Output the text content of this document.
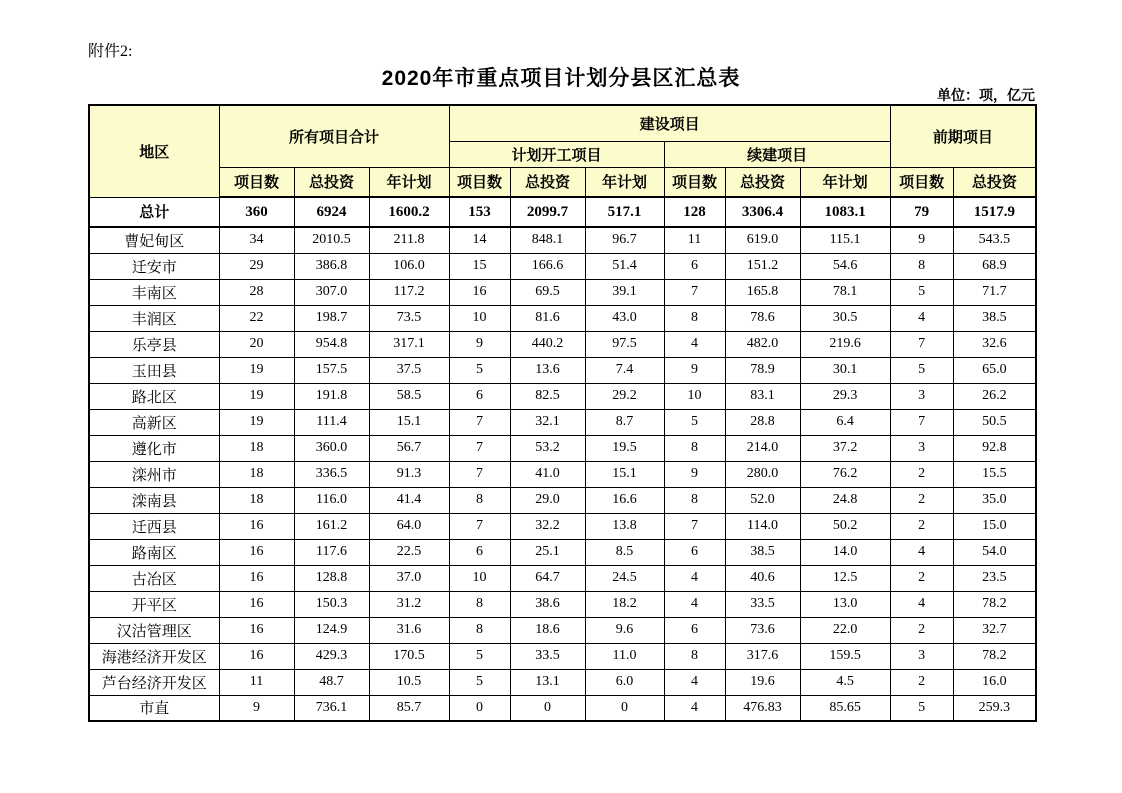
附件2:
2020年市重点项目计划分县区汇总表
单位：项，亿元
地区	所有项目合计			建设项目						前期项目	
				计划开工项目			续建项目				
	项目数	总投资	年计划	项目数	总投资	年计划	项目数	总投资	年计划	项目数	总投资
总计	360	6924	1600.2	153	2099.7	517.1	128	3306.4	1083.1	79	1517.9
曹妃甸区	34	2010.5	211.8	14	848.1	96.7	11	619.0	115.1	9	543.5
迁安市	29	386.8	106.0	15	166.6	51.4	6	151.2	54.6	8	68.9
丰南区	28	307.0	117.2	16	69.5	39.1	7	165.8	78.1	5	71.7
丰润区	22	198.7	73.5	10	81.6	43.0	8	78.6	30.5	4	38.5
乐亭县	20	954.8	317.1	9	440.2	97.5	4	482.0	219.6	7	32.6
玉田县	19	157.5	37.5	5	13.6	7.4	9	78.9	30.1	5	65.0
路北区	19	191.8	58.5	6	82.5	29.2	10	83.1	29.3	3	26.2
高新区	19	111.4	15.1	7	32.1	8.7	5	28.8	6.4	7	50.5
遵化市	18	360.0	56.7	7	53.2	19.5	8	214.0	37.2	3	92.8
滦州市	18	336.5	91.3	7	41.0	15.1	9	280.0	76.2	2	15.5
滦南县	18	116.0	41.4	8	29.0	16.6	8	52.0	24.8	2	35.0
迁西县	16	161.2	64.0	7	32.2	13.8	7	114.0	50.2	2	15.0
路南区	16	117.6	22.5	6	25.1	8.5	6	38.5	14.0	4	54.0
古冶区	16	128.8	37.0	10	64.7	24.5	4	40.6	12.5	2	23.5
开平区	16	150.3	31.2	8	38.6	18.2	4	33.5	13.0	4	78.2
汉沽管理区	16	124.9	31.6	8	18.6	9.6	6	73.6	22.0	2	32.7
海港经济开发区	16	429.3	170.5	5	33.5	11.0	8	317.6	159.5	3	78.2
芦台经济开发区	11	48.7	10.5	5	13.1	6.0	4	19.6	4.5	2	16.0
市直	9	736.1	85.7	0	0	0	4	476.83	85.65	5	259.3
